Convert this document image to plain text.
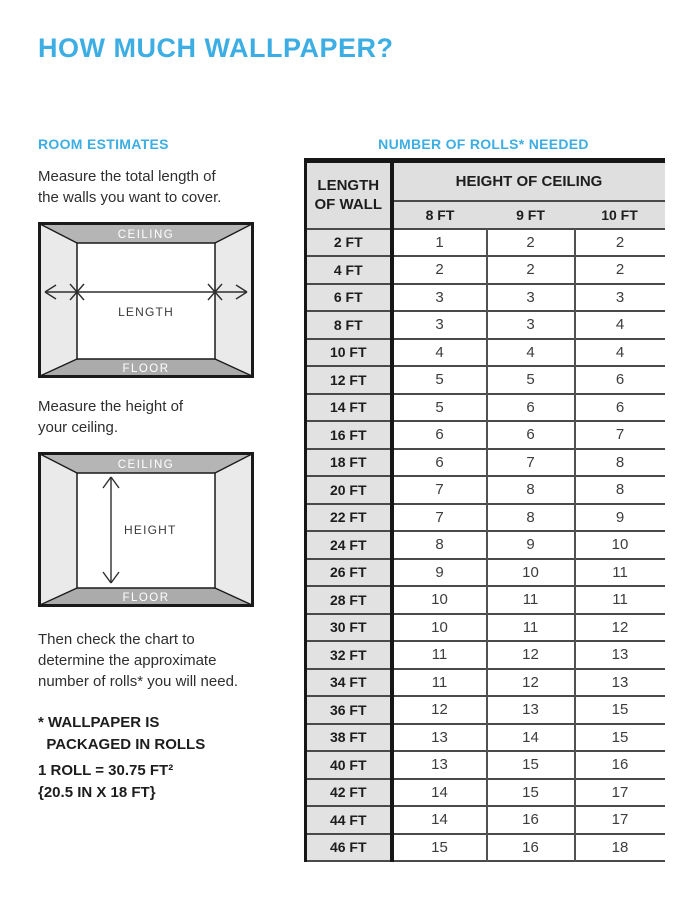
HOW MUCH WALLPAPER?
ROOM ESTIMATES	NUMBER OF ROLLS* NEEDED

Measure the total length of
the walls you want to cover.

CEILING
FLOOR
LENGTH

Measure the height of
your ceiling.

CEILING
FLOOR
HEIGHT

Then check the chart to
determine the approximate
number of rolls* you will need.

* WALLPAPER IS
PACKAGED IN ROLLS
1 ROLL = 30.75 FT²
{20.5 IN X 18 FT}
LENGTH
OF WALL	HEIGHT OF CEILING		
	8 FT	9 FT	10 FT
2 FT	1	2	2
4 FT	2	2	2
6 FT	3	3	3
8 FT	3	3	4
10 FT	4	4	4
12 FT	5	5	6
14 FT	5	6	6
16 FT	6	6	7
18 FT	6	7	8
20 FT	7	8	8
22 FT	7	8	9
24 FT	8	9	10
26 FT	9	10	11
28 FT	10	11	11
30 FT	10	11	12
32 FT	11	12	13
34 FT	11	12	13
36 FT	12	13	15
38 FT	13	14	15
40 FT	13	15	16
42 FT	14	15	17
44 FT	14	16	17
46 FT	15	16	18
